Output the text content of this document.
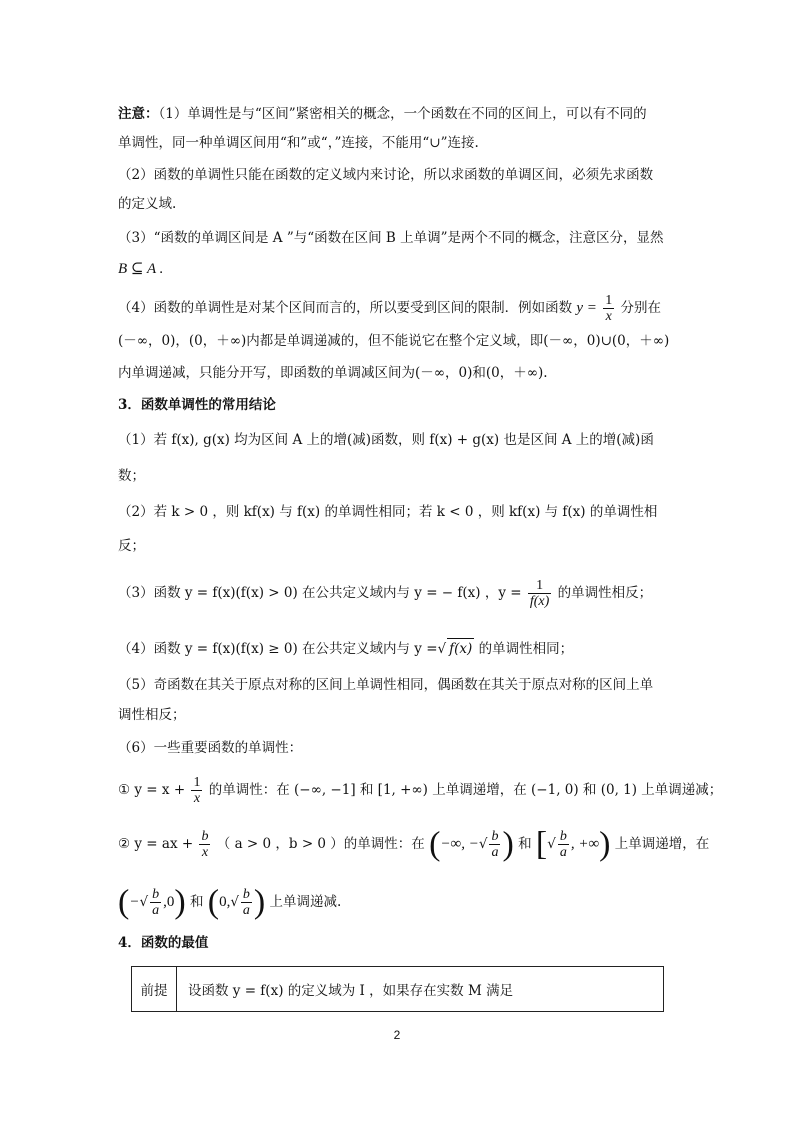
注意：（1）单调性是与“区间”紧密相关的概念，一个函数在不同的区间上，可以有不同的
单调性，同一种单调区间用“和”或“，”连接，不能用“∪”连接.
（2）函数的单调性只能在函数的定义域内来讨论，所以求函数的单调区间，必须先求函数
的定义域.
（3）“函数的单调区间是 A ”与“函数在区间 B 上单调”是两个不同的概念，注意区分，显然
B ⊆ A .
（4）函数的单调性是对某个区间而言的，所以要受到区间的限制．例如函数 $y = \frac{1}{x}$ 分别在
(－∞，0)，(0，＋∞)内都是单调递减的，但不能说它在整个定义域，即(－∞，0)∪(0，＋∞)
内单调递减，只能分开写，即函数的单调减区间为(－∞，0)和(0，＋∞).
3．函数单调性的常用结论
（1）若 f(x), g(x) 均为区间 A 上的增(减)函数，则 f(x) + g(x) 也是区间 A 上的增(减)函
数；
（2）若 k > 0 ，则 kf(x) 与 f(x) 的单调性相同；若 k < 0 ，则 kf(x) 与 f(x) 的单调性相
反；
（3）函数 y = f(x)(f(x) > 0) 在公共定义域内与 y = − f(x) ，$y = \frac{1}{f(x)}$ 的单调性相反；
（4）函数 y = f(x)(f(x) ≥ 0) 在公共定义域内与 y =√ f(x) 的单调性相同；
（5）奇函数在其关于原点对称的区间上单调性相同，偶函数在其关于原点对称的区间上单
调性相反；
（6）一些重要函数的单调性：
① $y = x + \frac{1}{x}$ 的单调性：在 (−∞, −1] 和 [1, +∞) 上单调递增，在 (−1, 0) 和 (0, 1) 上单调递减；
② y = ax + $\frac{b}{x}$ （ a > 0 ，b > 0 ）的单调性：在 (−∞, −√ $\frac{b}{a}$ ) 和 [√ $\frac{b}{a}$ , +∞) 上单调递增，在
(−√ $\frac{b}{a} ,0$) 和 ($0,√ \frac{b}{a}$ ) 上单调递减.
4．函数的最值
前提	设函数 y = f(x) 的定义域为 I ，如果存在实数 M 满足
2
